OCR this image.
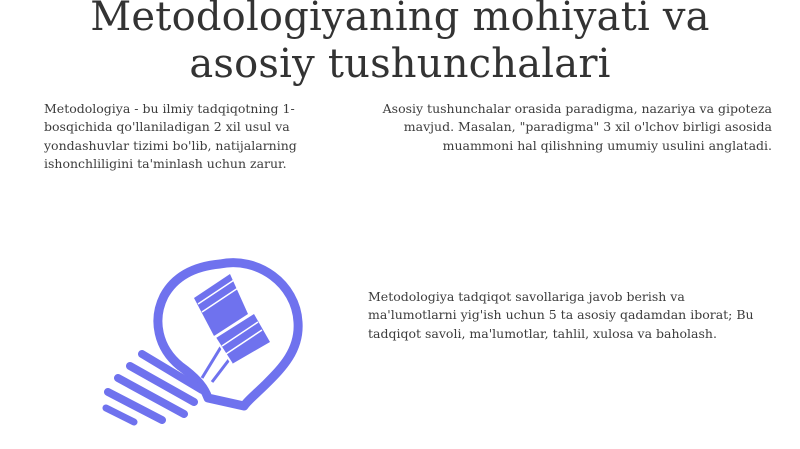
Metodologiyaning mohiyati va asosiy tushunchalari

Metodologiya - bu ilmiy tadqiqotning 1-bosqichida qo'llaniladigan 2 xil usul va yondashuvlar tizimi bo'lib, natijalarning ishonchliligini ta'minlash uchun zarur.

Asosiy tushunchalar orasida paradigma, nazariya va gipoteza mavjud. Masalan, "paradigma" 3 xil o'lchov birligi asosida muammoni hal qilishning umumiy usulini anglatadi.

Metodologiya tadqiqot savollariga javob berish va ma'lumotlarni yig'ish uchun 5 ta asosiy qadamdan iborat; Bu tadqiqot savoli, ma'lumotlar, tahlil, xulosa va baholash.
